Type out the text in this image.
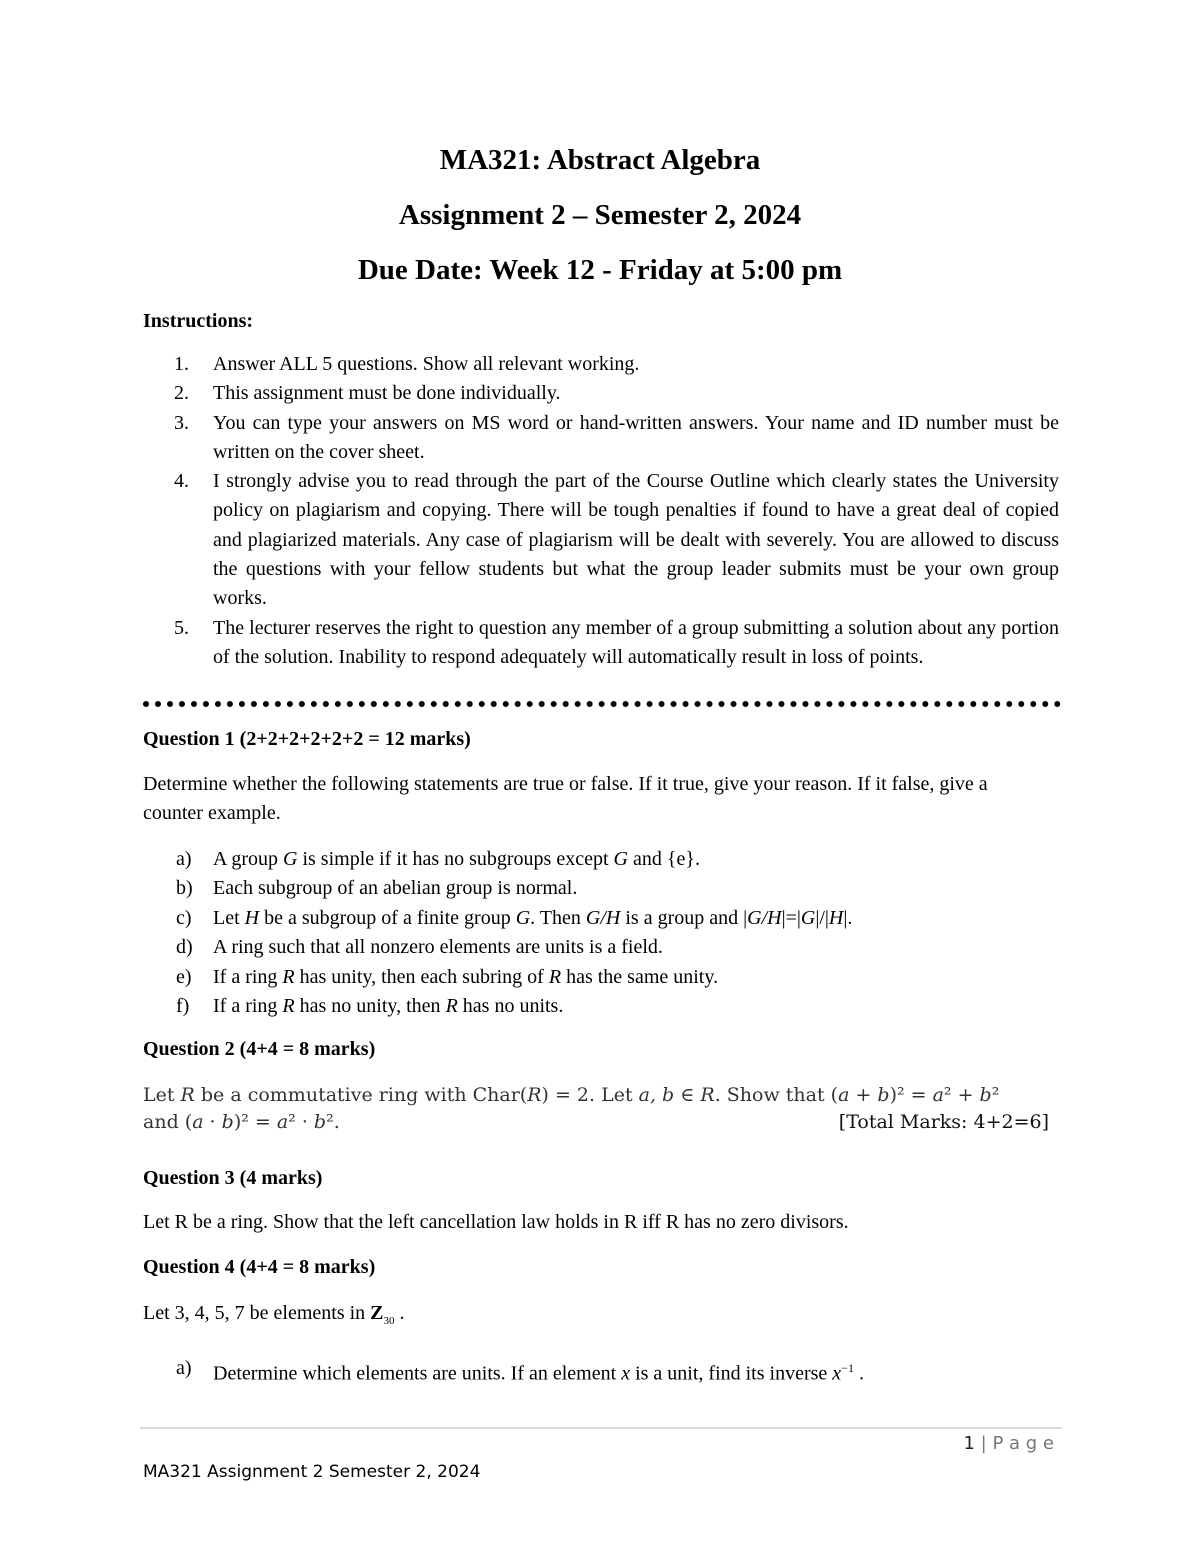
MA321: Abstract Algebra
Assignment 2 – Semester 2, 2024
Due Date: Week 12 - Friday at 5:00 pm
Instructions:
1. Answer ALL 5 questions. Show all relevant working.
2. This assignment must be done individually.
3. You can type your answers on MS word or hand-written answers. Your name and ID number must be written on the cover sheet.
4. I strongly advise you to read through the part of the Course Outline which clearly states the University policy on plagiarism and copying. There will be tough penalties if found to have a great deal of copied and plagiarized materials. Any case of plagiarism will be dealt with severely. You are allowed to discuss the questions with your fellow students but what the group leader submits must be your own group works.
5. The lecturer reserves the right to question any member of a group submitting a solution about any portion of the solution. Inability to respond adequately will automatically result in loss of points.
Question 1 (2+2+2+2+2+2 = 12 marks)
Determine whether the following statements are true or false. If it true, give your reason. If it false, give a counter example.
a) A group G is simple if it has no subgroups except G and {e}.
b) Each subgroup of an abelian group is normal.
c) Let H be a subgroup of a finite group G. Then G/H is a group and |G/H|=|G|/|H|.
d) A ring such that all nonzero elements are units is a field.
e) If a ring R has unity, then each subring of R has the same unity.
f) If a ring R has no unity, then R has no units.
Question 2 (4+4 = 8 marks)
Let R be a commutative ring with Char(R) = 2. Let a, b ∈ R. Show that (a + b)² = a² + b²
and (a · b)² = a² · b².	[Total Marks: 4+2=6]
Question 3 (4 marks)
Let R be a ring. Show that the left cancellation law holds in R iff R has no zero divisors.
Question 4 (4+4 = 8 marks)
Let 3, 4, 5, 7 be elements in $Z_{30}$ .
a) Determine which elements are units. If an element x is a unit, find its inverse $x^{-1}$ .
1 | P a g e
MA321 Assignment 2 Semester 2, 2024
